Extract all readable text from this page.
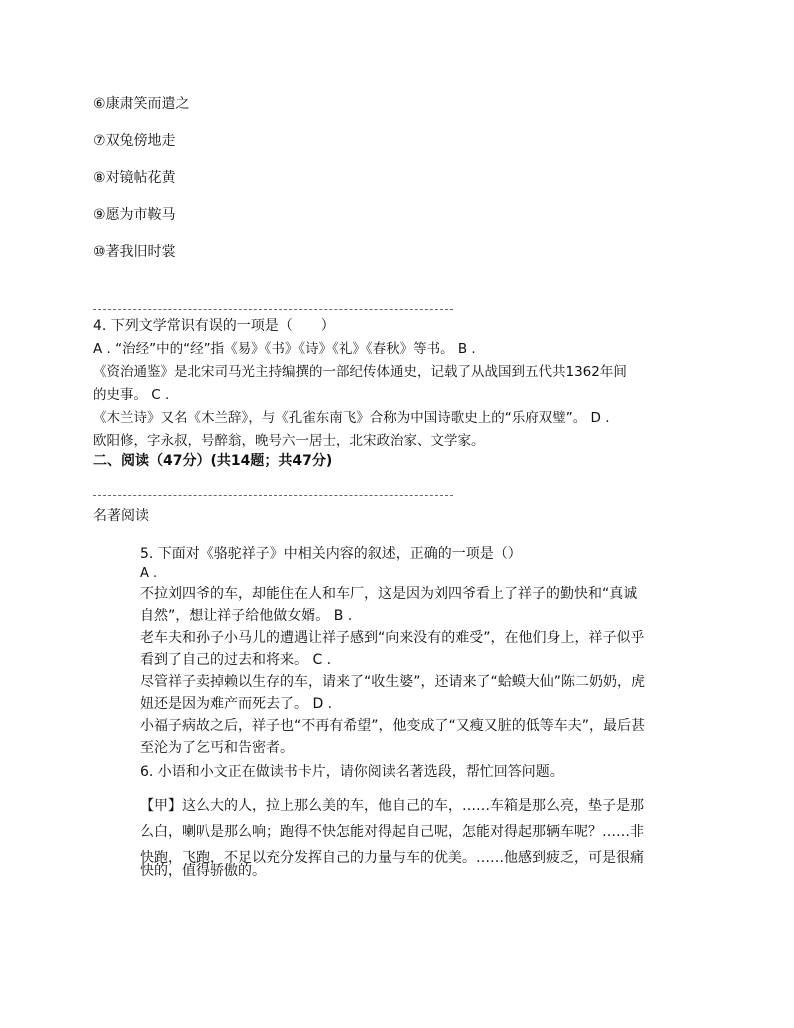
⑥康肃笑而遣之
⑦双兔傍地走
⑧对镜帖花黄
⑨愿为市鞍马
⑩著我旧时裳
4. 下列文学常识有误的一项是（　　）
A . “治经”中的“经”指《易》《书》《诗》《礼》《春秋》等书。 B .
《资治通鉴》是北宋司马光主持编撰的一部纪传体通史，记载了从战国到五代共1362年间
的史事。 C .
《木兰诗》又名《木兰辞》，与《孔雀东南飞》合称为中国诗歌史上的“乐府双璧”。 D .
欧阳修，字永叔，号醉翁，晚号六一居士，北宋政治家、文学家。
二、阅读（47分）(共14题；共47分)
名著阅读
5. 下面对《骆驼祥子》中相关内容的叙述，正确的一项是（）
A .
不拉刘四爷的车，却能住在人和车厂，这是因为刘四爷看上了祥子的勤快和“真诚
自然”，想让祥子给他做女婿。 B .
老车夫和孙子小马儿的遭遇让祥子感到“向来没有的难受”，在他们身上，祥子似乎
看到了自己的过去和将来。 C .
尽管祥子卖掉赖以生存的车，请来了“收生婆”，还请来了“蛤蟆大仙”陈二奶奶，虎
妞还是因为难产而死去了。 D .
小福子病故之后，祥子也“不再有希望”，他变成了“又瘦又脏的低等车夫”，最后甚
至沦为了乞丐和告密者。
6. 小语和小文正在做读书卡片，请你阅读名著选段，帮忙回答问题。
【甲】这么大的人，拉上那么美的车，他自己的车，……车箱是那么亮，垫子是那
么白，喇叭是那么响；跑得不快怎能对得起自己呢，怎能对得起那辆车呢？……非
快跑，飞跑，不足以充分发挥自己的力量与车的优美。……他感到疲乏，可是很痛
快的，值得骄傲的。
